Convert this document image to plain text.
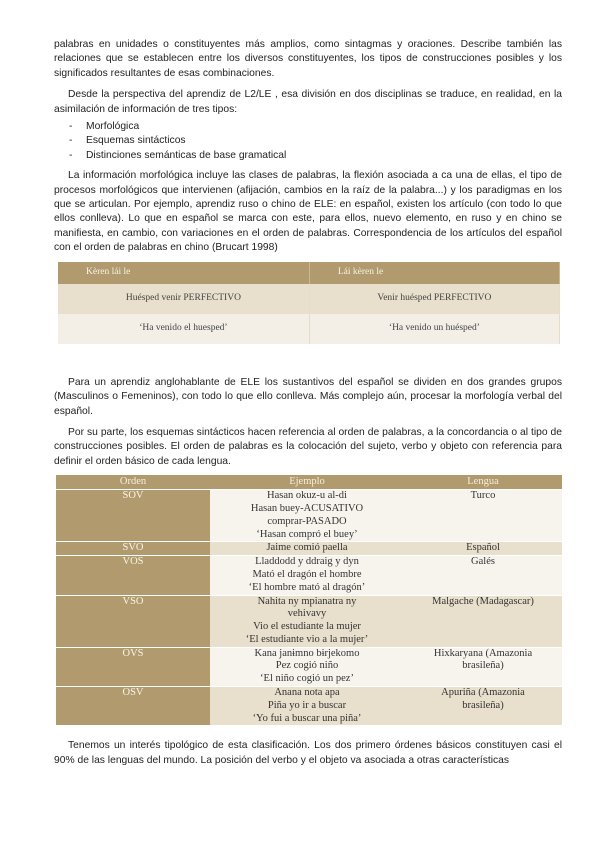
palabras en unidades o constituyentes más amplios, como sintagmas y oraciones. Describe también las relaciones que se establecen entre los diversos constituyentes, los tipos de construcciones posibles y los significados resultantes de esas combinaciones.

Desde la perspectiva del aprendiz de L2/LE , esa división en dos disciplinas se traduce, en realidad, en la asimilación de información de tres tipos:

- Morfológica
- Esquemas sintácticos
- Distinciones semánticas de base gramatical

La información morfológica incluye las clases de palabras, la flexión asociada a ca una de ellas, el tipo de procesos morfológicos que intervienen (afijación, cambios en la raíz de la palabra...) y los paradigmas en los que se articulan. Por ejemplo, aprendiz ruso o chino de ELE: en español, existen los artículo (con todo lo que ellos conlleva). Lo que en español se marca con este, para ellos, nuevo elemento, en ruso y en chino se manifiesta, en cambio, con variaciones en el orden de palabras. Correspondencia de los artículos del español con el orden de palabras en chino (Brucart 1998)

Kèren lái le	Lái kèren le
Huésped venir PERFECTIVO	Venir huésped PERFECTIVO
‘Ha venido el huesped’	‘Ha venido un huésped’

Para un aprendiz anglohablante de ELE los sustantivos del español se dividen en dos grandes grupos (Masculinos o Femeninos), con todo lo que ello conlleva. Más complejo aún, procesar la morfología verbal del español.

Por su parte, los esquemas sintácticos hacen referencia al orden de palabras, a la concordancia o al tipo de construcciones posibles. El orden de palabras es la colocación del sujeto, verbo y objeto con referencia para definir el orden básico de cada lengua.

Orden	Ejemplo	Lengua
SOV	Hasan okuz-u al-di
Hasan buey-ACUSATIVO
comprar-PASADO
‘Hasan compró el buey’	Turco

SVO	Jaime comió paella	Español

VOS	Lladdodd y ddraig y dyn
Mató el dragón el hombre
‘El hombre mató al dragón’	Galés

VSO	Nahita ny mpianatra ny
vehivavy
Vio el estudiante la mujer
‘El estudiante vio a la mujer’	Malgache (Madagascar)

OVS	Kana janɨmno bɨrjekomo
Pez cogió niño
‘El niño cogió un pez’	Hixkaryana (Amazonia
brasileña)

OSV	Anana nota apa
Piña yo ir a buscar
‘Yo fui a buscar una piña’	Apuriña (Amazonia
brasileña)

Tenemos un interés tipológico de esta clasificación. Los dos primero órdenes básicos constituyen casi el 90% de las lenguas del mundo. La posición del verbo y el objeto va asociada a otras características
